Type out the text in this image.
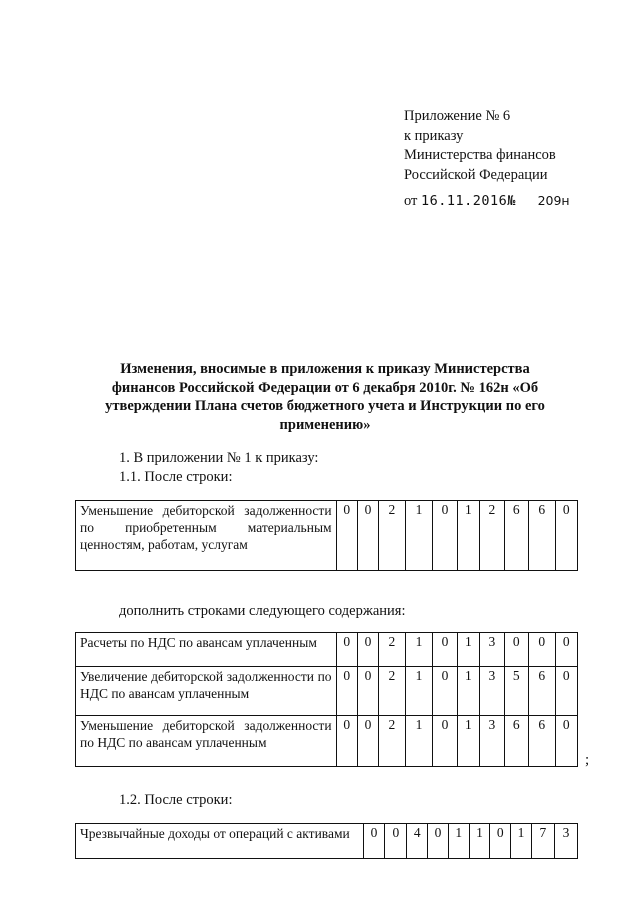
Приложение № 6
к приказу
Министерства финансов
Российской Федерации
от 16.11.2016№ 209н
Изменения, вносимые в приложения к приказу Министерства финансов Российской Федерации от 6 декабря 2010г. № 162н «Об утверждении Плана счетов бюджетного учета и Инструкции по его применению»
1. В приложении № 1 к приказу:
1.1. После строки:
Уменьшение дебиторской задолженности по приобретенным материальным ценностям, работам, услугам	0	0	2	1	0	1	2	6	6	0
дополнить строками следующего содержания:
Расчеты по НДС по авансам уплаченным	0	0	2	1	0	1	3	0	0	0
Увеличение дебиторской задолженности по НДС по авансам уплаченным	0	0	2	1	0	1	3	5	6	0
Уменьшение дебиторской задолженности по НДС по авансам уплаченным	0	0	2	1	0	1	3	6	6	0
;
1.2. После строки:
Чрезвычайные доходы от операций с активами	0	0	4	0	1	1	0	1	7	3
